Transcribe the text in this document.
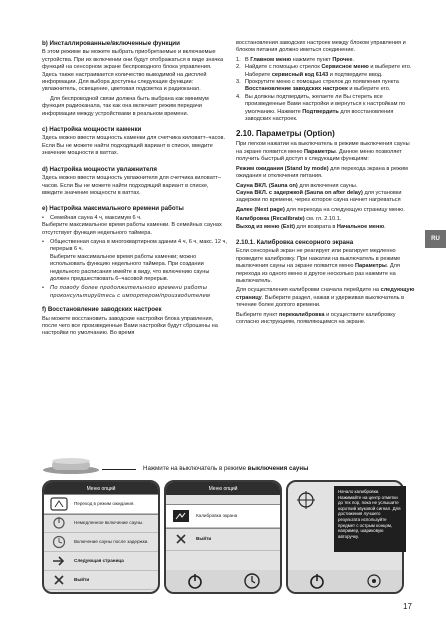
b) Инсталлированные/включенные функции

В этом режиме вы можете выбрать приобретаемые и включаемые устройства. При их включении они будут отображаться в виде значка функций на сенсорном экране беспроводного блока управления. Здесь также настраивается количество выводимой на дисплей информации. Для выбора доступны следующие функции: увлажнитель, освещение, цветовая подсветка и радиоканал.

Для беспроводной связи должна быть выбрана как минимум функция радиоканала, так как она включает режим передачи информации между устройствами в реальном времени.

c) Настройка мощности каменки

Здесь можно ввести мощность каменки для счетчика киловатт–часов. Если Вы не можете найти подходящий вариант в списке, введите значение мощности в ваттах.

d) Настройка мощности увлажнителя

Здесь можно ввести мощность увлажнителя для счетчика киловатт–часов. Если Вы не можете найти подходящий вариант в списке, введите значение мощности в ваттах.

e) Настройка максимального времени работы

•	Семейная сауна 4 ч, максимум 6 ч.

Выберите максимальное время работы каменки. В семейных саунах отсутствует функция недельного таймера.

•	Общественная сауна в многоквартирном здании 4 ч, 6 ч, макс. 12 ч, перерыв 6 ч.

Выберите максимальное время работы каменки; можно использовать функцию недельного таймера. При создании недельного расписания имейте в виду, что включению сауны должен предшествовать 6–часовой перерыв.

•	По поводу более продолжительного времени работы проконсультируйтесь с импортером/производителем

f) Восстановление заводских настроек

Вы можете восстановить заводские настройки блока управления, после чего все произведенные Вами настройки будут сброшены на настройки по умолчанию. Во время

восстановления заводских настроек между блоком управления и блоком питания должно иметься соединение.

1. В Главном меню нажмите пункт Прочее.
2. Найдите с помощью стрелок Сервисное меню и выберите его. Наберите сервисный код 6143 и подтвердите ввод.
3. Прокрутите меню с помощью стрелок до появления пункта Восстановление заводских настроек и выберите его.
4. Вы должны подтвердить, желаете ли Вы стереть все произведенные Вами настройки и вернуться к настройкам по умолчанию. Нажмите Подтвердить для восстановления заводских настроек.

2.10. Параметры (Option)

При легком нажатии на выключатель в режиме выключения сауны на экране появится меню Параметры. Данное меню позволяет получить быстрый доступ к следующим функциям:

Режим ожидания (Stand by mode) для перехода экрана в режим ожидания и отключения питания.

Сауна ВКЛ. (Sauna on) для включения сауны.

Сауна ВКЛ. с задержкой (Sauna on after delay) для установки задержки по времени, через которое сауна начнет нагреваться

Далее (Next page) для перехода на следующую страницу меню.

Калибровка (Recalibrate) см. гл. 2.10.1.

Выход из меню (Exit) для возврата в Начальное меню.

2.10.1. Калибровка сенсорного экрана

Если сенсорный экран не реагирует или реагирует медленно проведите калибровку. При нажатии на выключатель в режиме выключения сауны на экране появится меню Параметры. Для перехода из одного меню в другое несколько раз нажмите на выключатель.

Для осуществления калибровки сначала перейдите на следующую страницу. Выберите раздел, нажав и удерживая выключатель в течение более долгого времени.

Выберите пункт перекалибровка и осуществите калибровку согласно инструкциям, появляющимся на экране.

RU
Нажмите на выключатель в режиме выключения сауны
Меню опций
Переход в режим ожидания.
Немедленное включение сауны.
Включение сауны после задержки.
Следующая страница
Выйти
Меню опций
Калибровка экрана
Выйти
Начало калибровки. Нажимайте на центр отметки до тех пор, пока не услышите короткий звуковой сигнал. Для достижения лучшего результата используйте предмет с острым концом, например, шариковую авторучку.
17
